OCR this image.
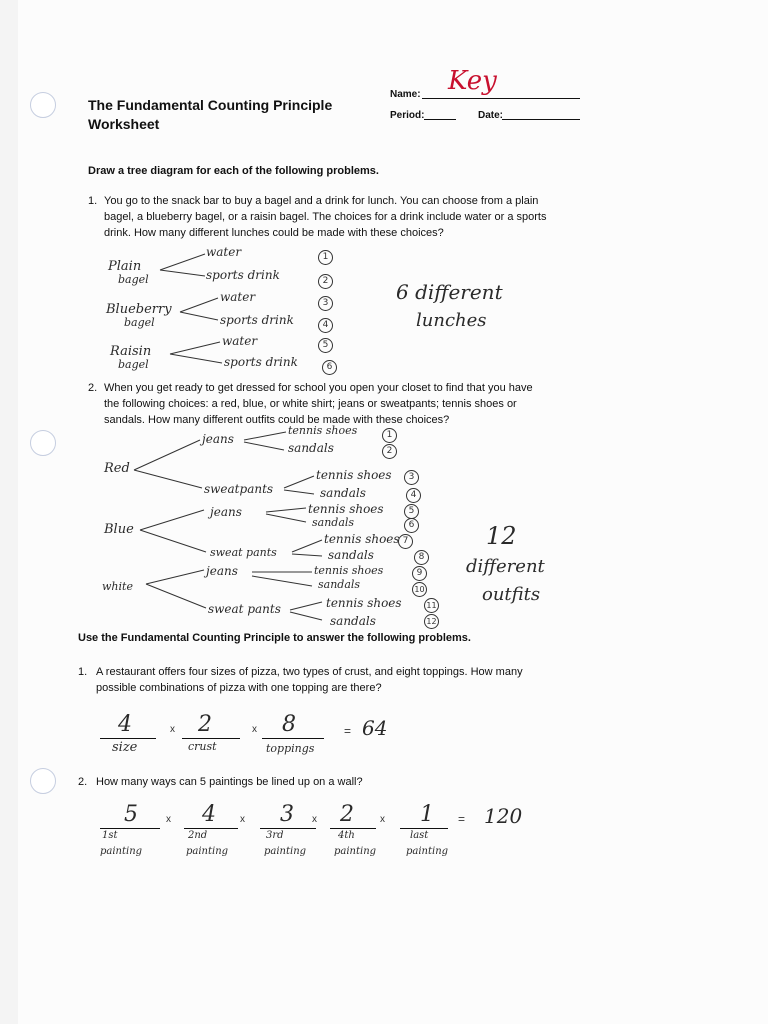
The Fundamental Counting Principle
Worksheet
Name: Key
Period:	Date:
Draw a tree diagram for each of the following problems.
1. You go to the snack bar to buy a bagel and a drink for lunch. You can choose from a plain
bagel, a blueberry bagel, or a raisin bagel. The choices for a drink include water or a sports
drink. How many different lunches could be made with these choices?
Plain
bagel
water
sports drink
1
2
Blueberry
bagel
water
sports drink
3
4
Raisin
bagel
water
sports drink
5
6
6 different
lunches
2. When you get ready to get dressed for school you open your closet to find that you have
the following choices: a red, blue, or white shirt; jeans or sweatpants; tennis shoes or
sandals. How many different outfits could be made with these choices?
Red
jeans
tennis shoes
sandals
1
2
sweatpants
tennis shoes
sandals
3
4
Blue
jeans	tennis shoes
sandals
5
6
sweat pants
tennis shoes
sandals
7
8
white
jeans	tennis shoes
sandals
9
10
sweat pants	tennis shoes
sandals
11
12
12
different
outfits
Use the Fundamental Counting Principle to answer the following problems.
1. A restaurant offers four sizes of pizza, two types of crust, and eight toppings. How many
possible combinations of pizza with one topping are there?
4
size
x 2
crust
x 8
toppings
= 64
2. How many ways can 5 paintings be lined up on a wall?
5
1st
painting
x 4
2nd
painting
x 3
3rd
painting
x 2
4th
painting
x 1
last
painting
= 120
